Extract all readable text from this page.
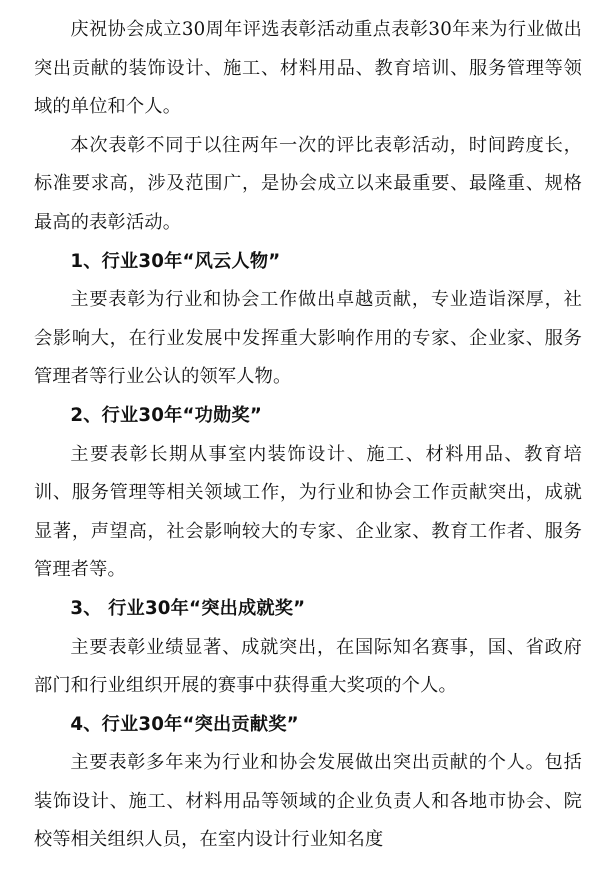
庆祝协会成立30周年评选表彰活动重点表彰30年来为行业做出突出贡献的装饰设计、施工、材料用品、教育培训、服务管理等领域的单位和个人。

本次表彰不同于以往两年一次的评比表彰活动，时间跨度长，标准要求高，涉及范围广，是协会成立以来最重要、最隆重、规格最高的表彰活动。

1、行业30年“风云人物”

主要表彰为行业和协会工作做出卓越贡献，专业造诣深厚，社会影响大，在行业发展中发挥重大影响作用的专家、企业家、服务管理者等行业公认的领军人物。

2、行业30年“功勋奖”

主要表彰长期从事室内装饰设计、施工、材料用品、教育培训、服务管理等相关领域工作，为行业和协会工作贡献突出，成就显著，声望高，社会影响较大的专家、企业家、教育工作者、服务管理者等。

3、 行业30年“突出成就奖”

主要表彰业绩显著、成就突出，在国际知名赛事，国、省政府部门和行业组织开展的赛事中获得重大奖项的个人。

4、行业30年“突出贡献奖”

主要表彰多年来为行业和协会发展做出突出贡献的个人。包括装饰设计、施工、材料用品等领域的企业负责人和各地市协会、院校等相关组织人员，在室内设计行业知名度
